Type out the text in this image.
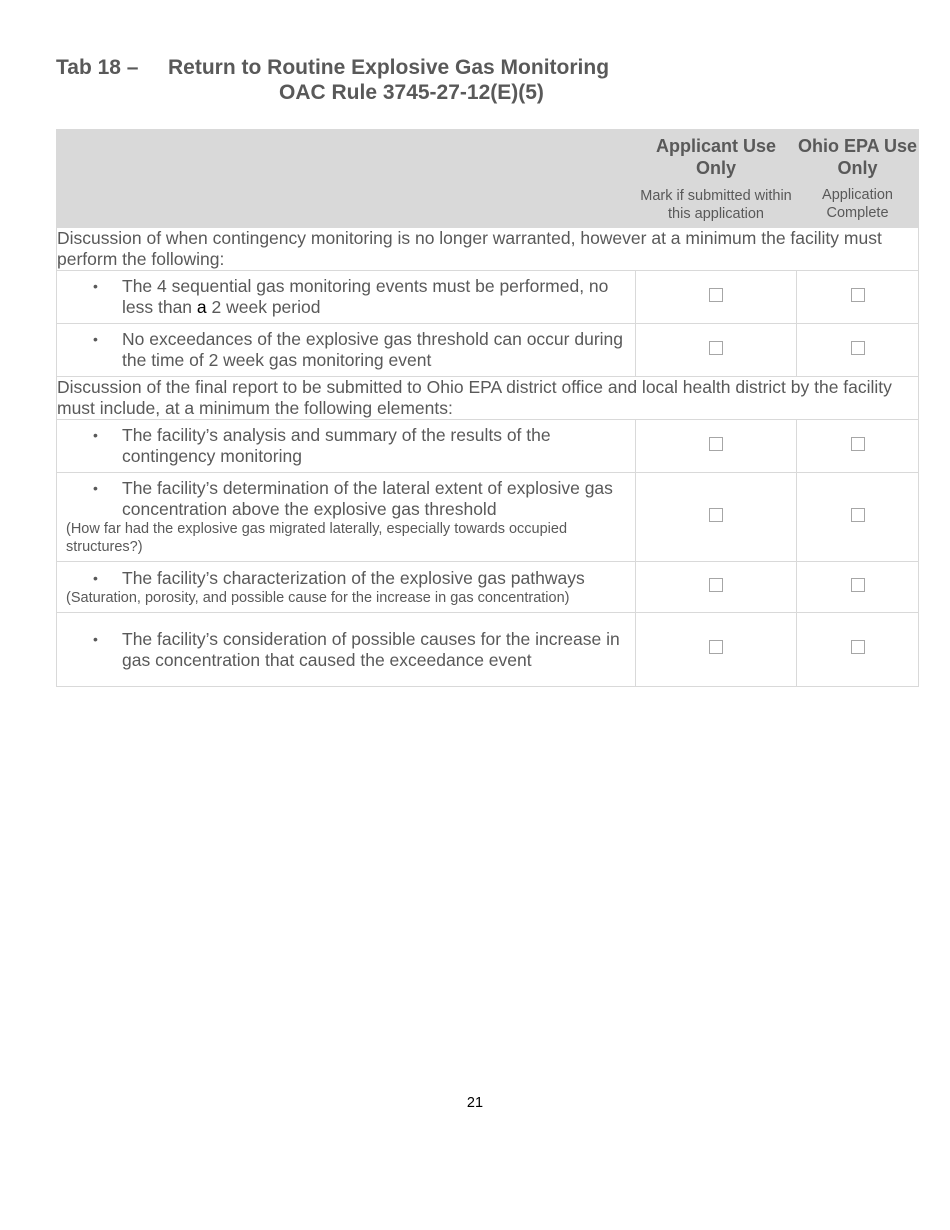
Tab 18 – Return to Routine Explosive Gas Monitoring
OAC Rule 3745-27-12(E)(5)
	Applicant Use Only	Ohio EPA Use Only
	Mark if submitted within this application	Application Complete
Discussion of when contingency monitoring is no longer warranted, however at a minimum the facility must perform the following:		

• The 4 sequential gas monitoring events must be performed, no less than a 2 week period		

• No exceedances of the explosive gas threshold can occur during the time of 2 week gas monitoring event		

Discussion of the final report to be submitted to Ohio EPA district office and local health district by the facility must include, at a minimum the following elements:		

• The facility’s analysis and summary of the results of the contingency monitoring		

• The facility’s determination of the lateral extent of explosive gas concentration above the explosive gas threshold
(How far had the explosive gas migrated laterally, especially towards occupied structures?)		

• The facility’s characterization of the explosive gas pathways
(Saturation, porosity, and possible cause for the increase in gas concentration)		

• The facility’s consideration of possible causes for the increase in gas concentration that caused the exceedance event		

21
